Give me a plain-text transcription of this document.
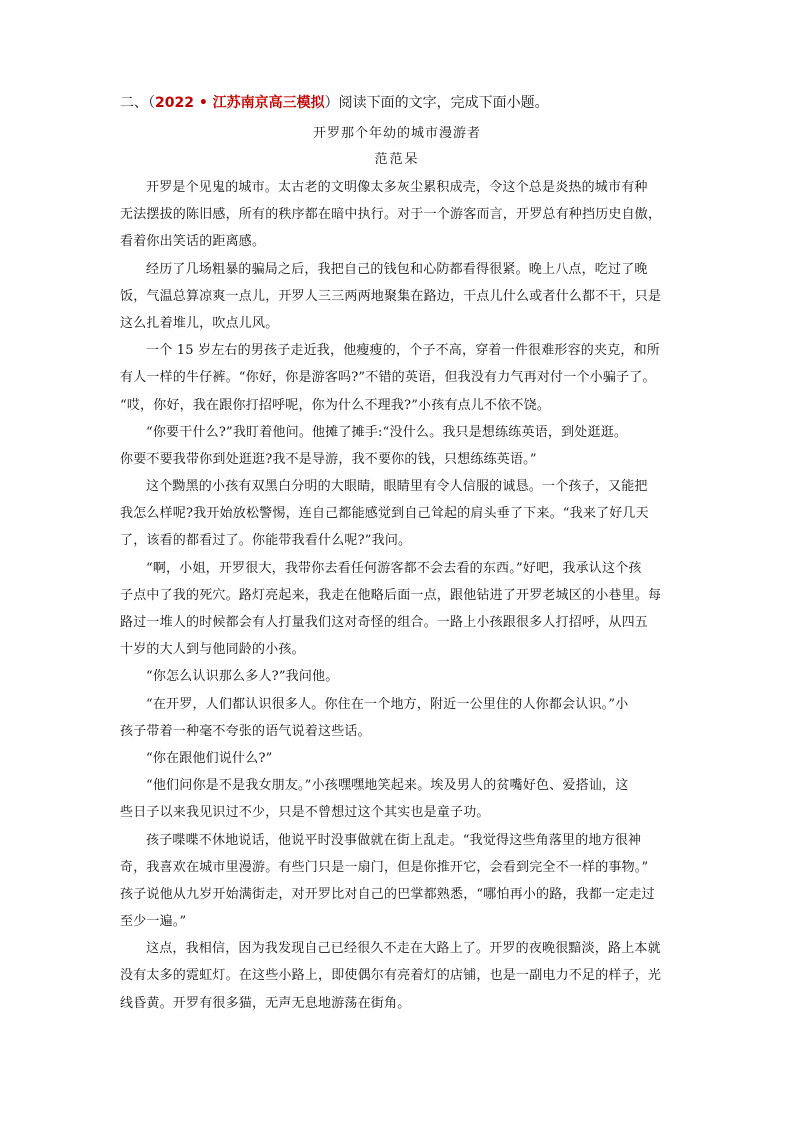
二、（2022 • 江苏南京高三模拟）阅读下面的文字，完成下面小题。
开罗那个年幼的城市漫游者
范范呆
开罗是个见鬼的城市。太古老的文明像太多灰尘累积成壳，令这个总是炎热的城市有种
无法摆拔的陈旧感，所有的秩序都在暗中执行。对于一个游客而言，开罗总有种挡历史自傲，
看着你出笑话的距离感。
经历了几场粗暴的骗局之后，我把自己的钱包和心防都看得很紧。晚上八点，吃过了晚
饭，气温总算凉爽一点儿，开罗人三三两两地聚集在路边，干点儿什么或者什么都不干，只是
这么扎着堆儿，吹点儿风。
一个 15 岁左右的男孩子走近我，他瘦瘦的，个子不高，穿着一件很难形容的夹克，和所
有人一样的牛仔裤。“你好，你是游客吗?”不错的英语，但我没有力气再对付一个小骗子了。
“哎，你好，我在跟你打招呼呢，你为什么不理我?”小孩有点儿不依不饶。
“你要干什么?”我盯着他问。他摊了摊手:“没什么。我只是想练练英语，到处逛逛。
你要不要我带你到处逛逛?我不是导游，我不要你的钱，只想练练英语。”
这个黝黑的小孩有双黑白分明的大眼睛，眼睛里有令人信服的诚恳。一个孩子，又能把
我怎么样呢?我开始放松警惕，连自己都能感觉到自己耸起的肩头垂了下来。“我来了好几天
了，该看的都看过了。你能带我看什么呢?”我问。
“啊，小姐，开罗很大，我带你去看任何游客都不会去看的东西。”好吧，我承认这个孩
子点中了我的死穴。路灯亮起来，我走在他略后面一点，跟他钻进了开罗老城区的小巷里。每
路过一堆人的时候都会有人打量我们这对奇怪的组合。一路上小孩跟很多人打招呼，从四五
十岁的大人到与他同龄的小孩。
“你怎么认识那么多人?”我问他。
“在开罗，人们都认识很多人。你住在一个地方，附近一公里住的人你都会认识。”小
孩子带着一种毫不夸张的语气说着这些话。
“你在跟他们说什么?”
“他们问你是不是我女朋友。”小孩嘿嘿地笑起来。埃及男人的贫嘴好色、爱搭讪，这
些日子以来我见识过不少，只是不曾想过这个其实也是童子功。
孩子喋喋不休地说话，他说平时没事做就在街上乱走。“我觉得这些角落里的地方很神
奇，我喜欢在城市里漫游。有些门只是一扇门，但是你推开它，会看到完全不一样的事物。”
孩子说他从九岁开始满街走，对开罗比对自己的巴掌都熟悉，“哪怕再小的路，我都一定走过
至少一遍。”
这点，我相信，因为我发现自己已经很久不走在大路上了。开罗的夜晚很黯淡，路上本就
没有太多的霓虹灯。在这些小路上，即使偶尔有亮着灯的店铺，也是一副电力不足的样子，光
线昏黄。开罗有很多猫，无声无息地游荡在街角。
